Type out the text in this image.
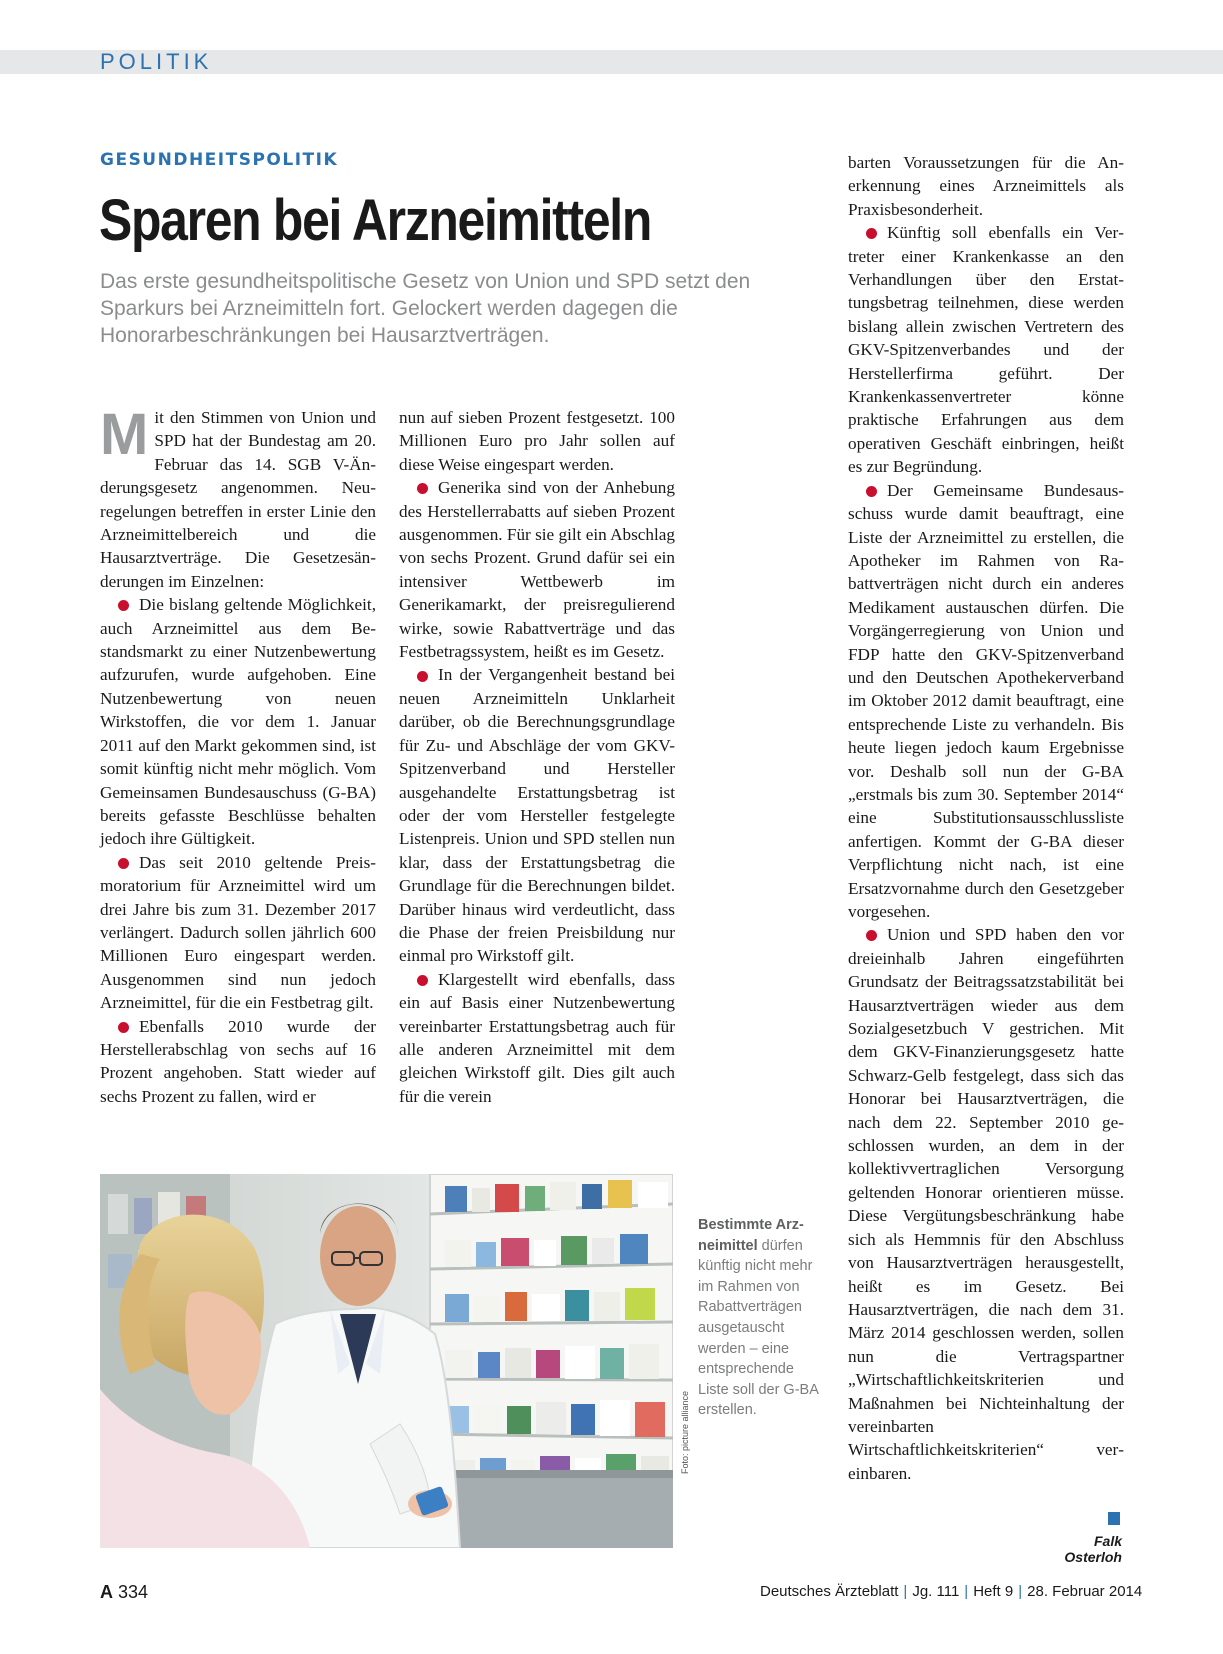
POLITIK
GESUNDHEITSPOLITIK
Sparen bei Arzneimitteln
Das erste gesundheitspolitische Gesetz von Union und SPD setzt den Sparkurs bei Arzneimitteln fort. Gelockert werden dagegen die Honorarbeschränkungen bei Hausarztverträgen.

Mit den Stimmen von Union und SPD hat der Bundestag am 20. Februar das 14. SGB V-Änderungsgesetz angenommen. Neuregelungen betreffen in erster Linie den Arzneimittelbereich und die Hausarztverträge. Die Gesetzesänderungen im Einzelnen:

Die bislang geltende Möglichkeit, auch Arzneimittel aus dem Bestandsmarkt zu einer Nutzenbewertung aufzurufen, wurde aufgehoben. Eine Nutzenbewertung von neuen Wirkstoffen, die vor dem 1. Januar 2011 auf den Markt gekommen sind, ist somit künftig nicht mehr möglich. Vom Gemeinsamen Bundesauschuss (G-BA) bereits gefasste Beschlüsse behalten jedoch ihre Gültigkeit.

Das seit 2010 geltende Preismoratorium für Arzneimittel wird um drei Jahre bis zum 31. Dezember 2017 verlängert. Dadurch sollen jährlich 600 Millionen Euro eingespart werden. Ausgenommen sind nun jedoch Arzneimittel, für die ein Festbetrag gilt.

Ebenfalls 2010 wurde der Herstellerabschlag von sechs auf 16 Prozent angehoben. Statt wieder auf sechs Prozent zu fallen, wird er

nun auf sieben Prozent festgesetzt. 100 Millionen Euro pro Jahr sollen auf diese Weise eingespart werden.

Generika sind von der Anhebung des Herstellerrabatts auf sieben Prozent ausgenommen. Für sie gilt ein Abschlag von sechs Prozent. Grund dafür sei ein intensiver Wettbewerb im Generikamarkt, der preisregulierend wirke, sowie Rabattverträge und das Festbetragssystem, heißt es im Gesetz.

In der Vergangenheit bestand bei neuen Arzneimitteln Unklarheit darüber, ob die Berechnungsgrundlage für Zu- und Abschläge der vom GKV-Spitzenverband und Hersteller ausgehandelte Erstattungsbetrag ist oder der vom Hersteller festgelegte Listenpreis. Union und SPD stellen nun klar, dass der Erstattungsbetrag die Grundlage für die Berechnungen bildet. Darüber hinaus wird verdeutlicht, dass die Phase der freien Preisbildung nur einmal pro Wirkstoff gilt.

Klargestellt wird ebenfalls, dass ein auf Basis einer Nutzenbewertung vereinbarter Erstattungsbetrag auch für alle anderen Arzneimittel mit dem gleichen Wirkstoff gilt. Dies gilt auch für die verein

barten Voraussetzungen für die Anerkennung eines Arzneimittels als Praxisbesonderheit.

Künftig soll ebenfalls ein Vertreter einer Krankenkasse an den Verhandlungen über den Erstattungsbetrag teilnehmen, diese werden bislang allein zwischen Vertretern des GKV-Spitzenverbandes und der Herstellerfirma geführt. Der Krankenkassenvertreter könne praktische Erfahrungen aus dem operativen Geschäft einbringen, heißt es zur Begründung.

Der Gemeinsame Bundesausschuss wurde damit beauftragt, eine Liste der Arzneimittel zu erstellen, die Apotheker im Rahmen von Rabattverträgen nicht durch ein anderes Medikament austauschen dürfen. Die Vorgängerregierung von Union und FDP hatte den GKV-Spitzenverband und den Deutschen Apothekerverband im Oktober 2012 damit beauftragt, eine entsprechende Liste zu verhandeln. Bis heute liegen jedoch kaum Ergebnisse vor. Deshalb soll nun der G-BA „erstmals bis zum 30. September 2014“ eine Substitutionsausschlussliste anfertigen. Kommt der G-BA dieser Verpflichtung nicht nach, ist eine Ersatzvornahme durch den Gesetzgeber vorgesehen.

Union und SPD haben den vor dreieinhalb Jahren eingeführten Grundsatz der Beitragssatzstabilität bei Hausarztverträgen wieder aus dem Sozialgesetzbuch V gestrichen. Mit dem GKV-Finanzierungsgesetz hatte Schwarz-Gelb festgelegt, dass sich das Honorar bei Hausarztverträgen, die nach dem 22. September 2010 geschlossen wurden, an dem in der kollektivvertraglichen Versorgung geltenden Honorar orientieren müsse. Diese Vergütungsbeschränkung habe sich als Hemmnis für den Abschluss von Hausarztverträgen herausgestellt, heißt es im Gesetz. Bei Hausarztverträgen, die nach dem 31. März 2014 geschlossen werden, sollen nun die Vertragspartner „Wirtschaftlichkeitskriterien und Maßnahmen bei Nichteinhaltung der vereinbarten Wirtschaftlichkeitskriterien“ vereinbaren.

Foto: picture alliance
Bestimmte Arzneimittel dürfen künftig nicht mehr im Rahmen von Rabattverträgen ausgetauscht werden – eine entsprechende Liste soll der G-BA erstellen.
Falk Osterloh
A 334	Deutsches Ärzteblatt | Jg. 111 | Heft 9 | 28. Februar 2014
